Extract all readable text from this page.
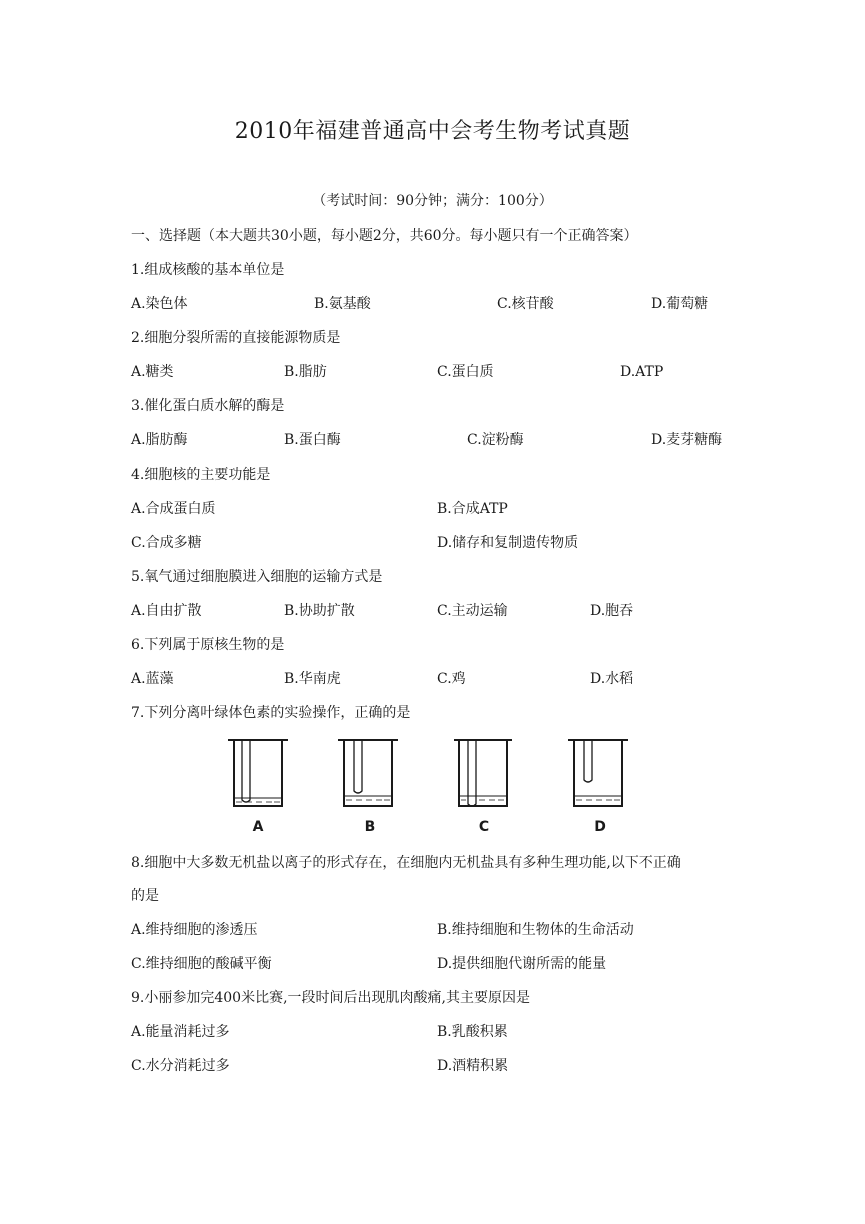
2010年福建普通高中会考生物考试真题
（考试时间：90分钟；满分：100分）
一、选择题（本大题共30小题，每小题2分，共60分。每小题只有一个正确答案）
1.组成核酸的基本单位是
A.染色体	B.氨基酸	C.核苷酸	D.葡萄糖
2.细胞分裂所需的直接能源物质是
A.糖类	B.脂肪	C.蛋白质	D.ATP
3.催化蛋白质水解的酶是
A.脂肪酶	B.蛋白酶	C.淀粉酶	D.麦芽糖酶
4.细胞核的主要功能是
A.合成蛋白质	B.合成ATP
C.合成多糖	D.储存和复制遗传物质
5.氧气通过细胞膜进入细胞的运输方式是
A.自由扩散	B.协助扩散	C.主动运输	D.胞吞
6.下列属于原核生物的是
A.蓝藻	B.华南虎	C.鸡	D.水稻
7.下列分离叶绿体色素的实验操作，正确的是
A	B	C	D
8.细胞中大多数无机盐以离子的形式存在，在细胞内无机盐具有多种生理功能,以下不正确
的是
A.维持细胞的渗透压	B.维持细胞和生物体的生命活动
C.维持细胞的酸碱平衡	D.提供细胞代谢所需的能量
9.小丽参加完400米比赛,一段时间后出现肌肉酸痛,其主要原因是
A.能量消耗过多	B.乳酸积累
C.水分消耗过多	D.酒精积累
